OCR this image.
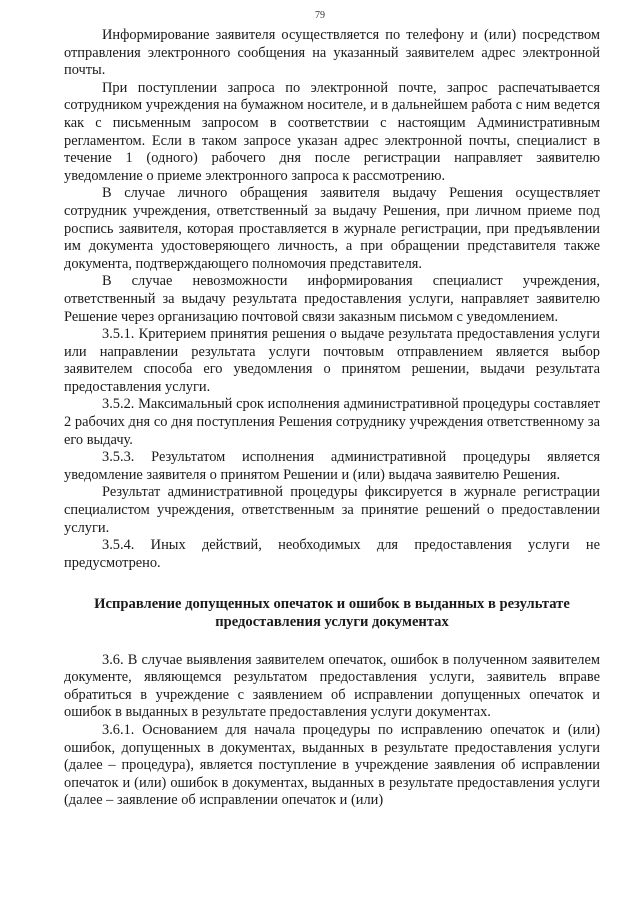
79

Информирование заявителя осуществляется по телефону и (или) посредством отправления электронного сообщения на указанный заявителем адрес электронной почты.

При поступлении запроса по электронной почте, запрос распечатывается сотрудником учреждения на бумажном носителе, и в дальнейшем работа с ним ведется как с письменным запросом в соответствии с настоящим Административным регламентом. Если в таком запросе указан адрес электронной почты, специалист в течение 1 (одного) рабочего дня после регистрации направляет заявителю уведомление о приеме электронного запроса к рассмотрению.

В случае личного обращения заявителя выдачу Решения осуществляет сотрудник учреждения, ответственный за выдачу Решения, при личном приеме под роспись заявителя, которая проставляется в журнале регистрации, при предъявлении им документа удостоверяющего личность, а при обращении представителя также документа, подтверждающего полномочия представителя.

В случае невозможности информирования специалист учреждения, ответственный за выдачу результата предоставления услуги, направляет заявителю Решение через организацию почтовой связи заказным письмом с уведомлением.

3.5.1. Критерием принятия решения о выдаче результата предоставления услуги или направлении результата услуги почтовым отправлением является выбор заявителем способа его уведомления о принятом решении, выдачи результата предоставления услуги.

3.5.2. Максимальный срок исполнения административной процедуры составляет 2 рабочих дня со дня поступления Решения сотруднику учреждения ответственному за его выдачу.

3.5.3. Результатом исполнения административной процедуры является уведомление заявителя о принятом Решении и (или) выдача заявителю Решения.

Результат административной процедуры фиксируется в журнале регистрации специалистом учреждения, ответственным за принятие решений о предоставлении услуги.

3.5.4. Иных действий, необходимых для предоставления услуги не предусмотрено.

Исправление допущенных опечаток и ошибок в выданных в результате предоставления услуги документах

3.6. В случае выявления заявителем опечаток, ошибок в полученном заявителем документе, являющемся результатом предоставления услуги, заявитель вправе обратиться в учреждение с заявлением об исправлении допущенных опечаток и ошибок в выданных в результате предоставления услуги документах.

3.6.1. Основанием для начала процедуры по исправлению опечаток и (или) ошибок, допущенных в документах, выданных в результате предоставления услуги (далее – процедура), является поступление в учреждение заявления об исправлении опечаток и (или) ошибок в документах, выданных в результате предоставления услуги (далее – заявление об исправлении опечаток и (или)
